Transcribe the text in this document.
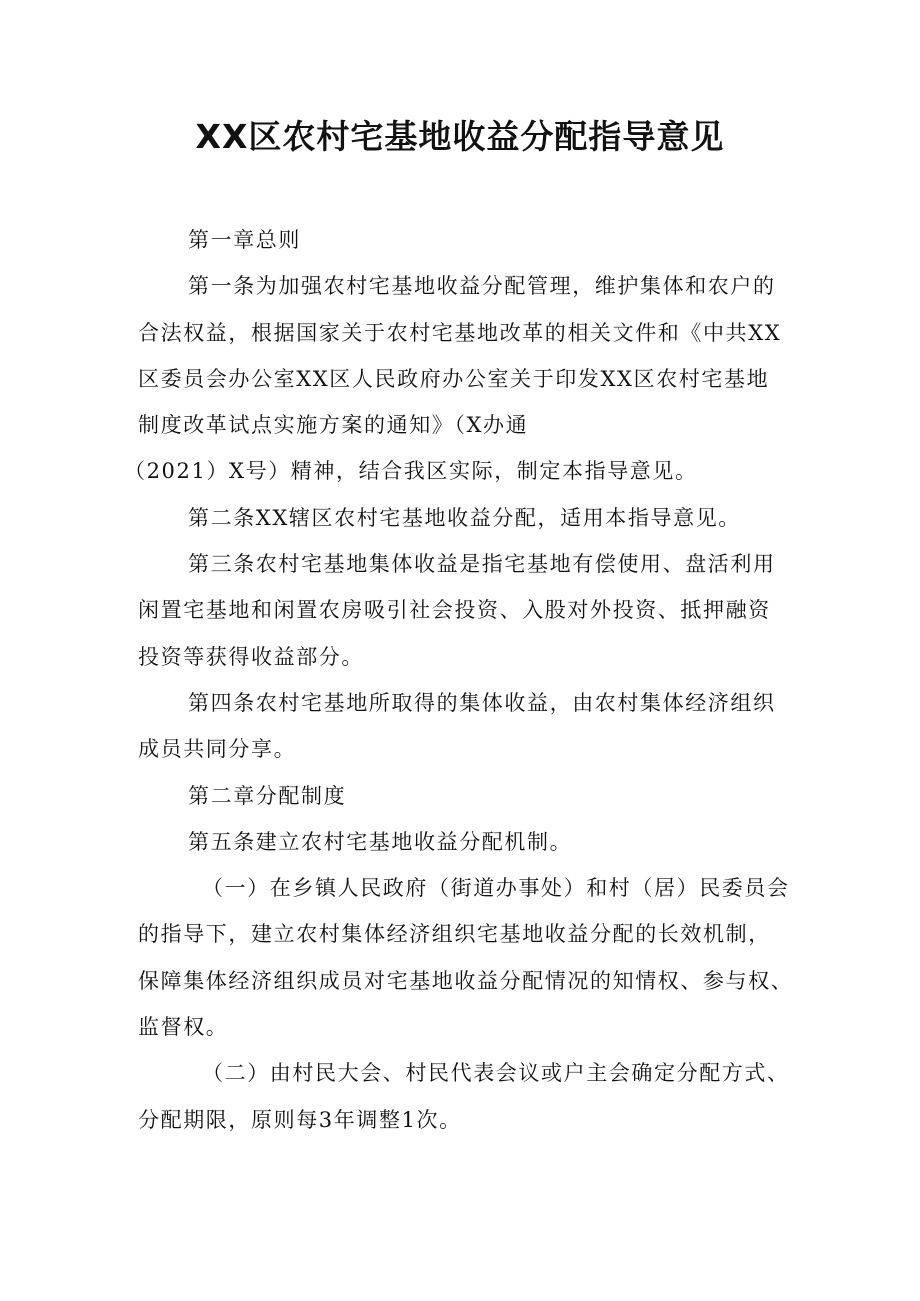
XX区农村宅基地收益分配指导意见

第一章总则

第一条为加强农村宅基地收益分配管理，维护集体和农户的
合法权益，根据国家关于农村宅基地改革的相关文件和《中共XX
区委员会办公室XX区人民政府办公室关于印发XX区农村宅基地
制度改革试点实施方案的通知》（X办通
（2021）X号）精神，结合我区实际，制定本指导意见。

第二条XX辖区农村宅基地收益分配，适用本指导意见。

第三条农村宅基地集体收益是指宅基地有偿使用、盘活利用
闲置宅基地和闲置农房吸引社会投资、入股对外投资、抵押融资
投资等获得收益部分。

第四条农村宅基地所取得的集体收益，由农村集体经济组织
成员共同分享。

第二章分配制度

第五条建立农村宅基地收益分配机制。

（一）在乡镇人民政府（街道办事处）和村（居）民委员会
的指导下，建立农村集体经济组织宅基地收益分配的长效机制，
保障集体经济组织成员对宅基地收益分配情况的知情权、参与权、
监督权。

（二）由村民大会、村民代表会议或户主会确定分配方式、
分配期限，原则每3年调整1次。
